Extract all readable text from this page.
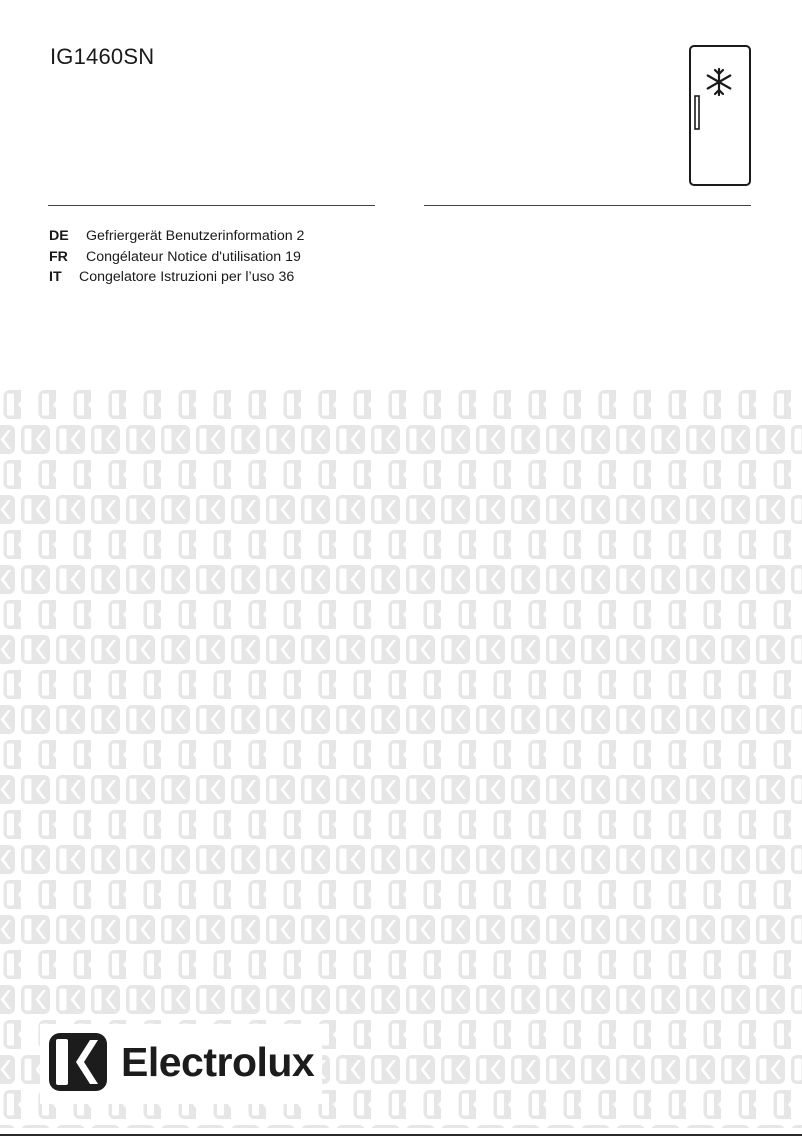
IG1460SN
DE Gefriergerät Benutzerinformation 2
FR Congélateur Notice d'utilisation 19
IT Congelatore Istruzioni per l’uso 36
Electrolux
